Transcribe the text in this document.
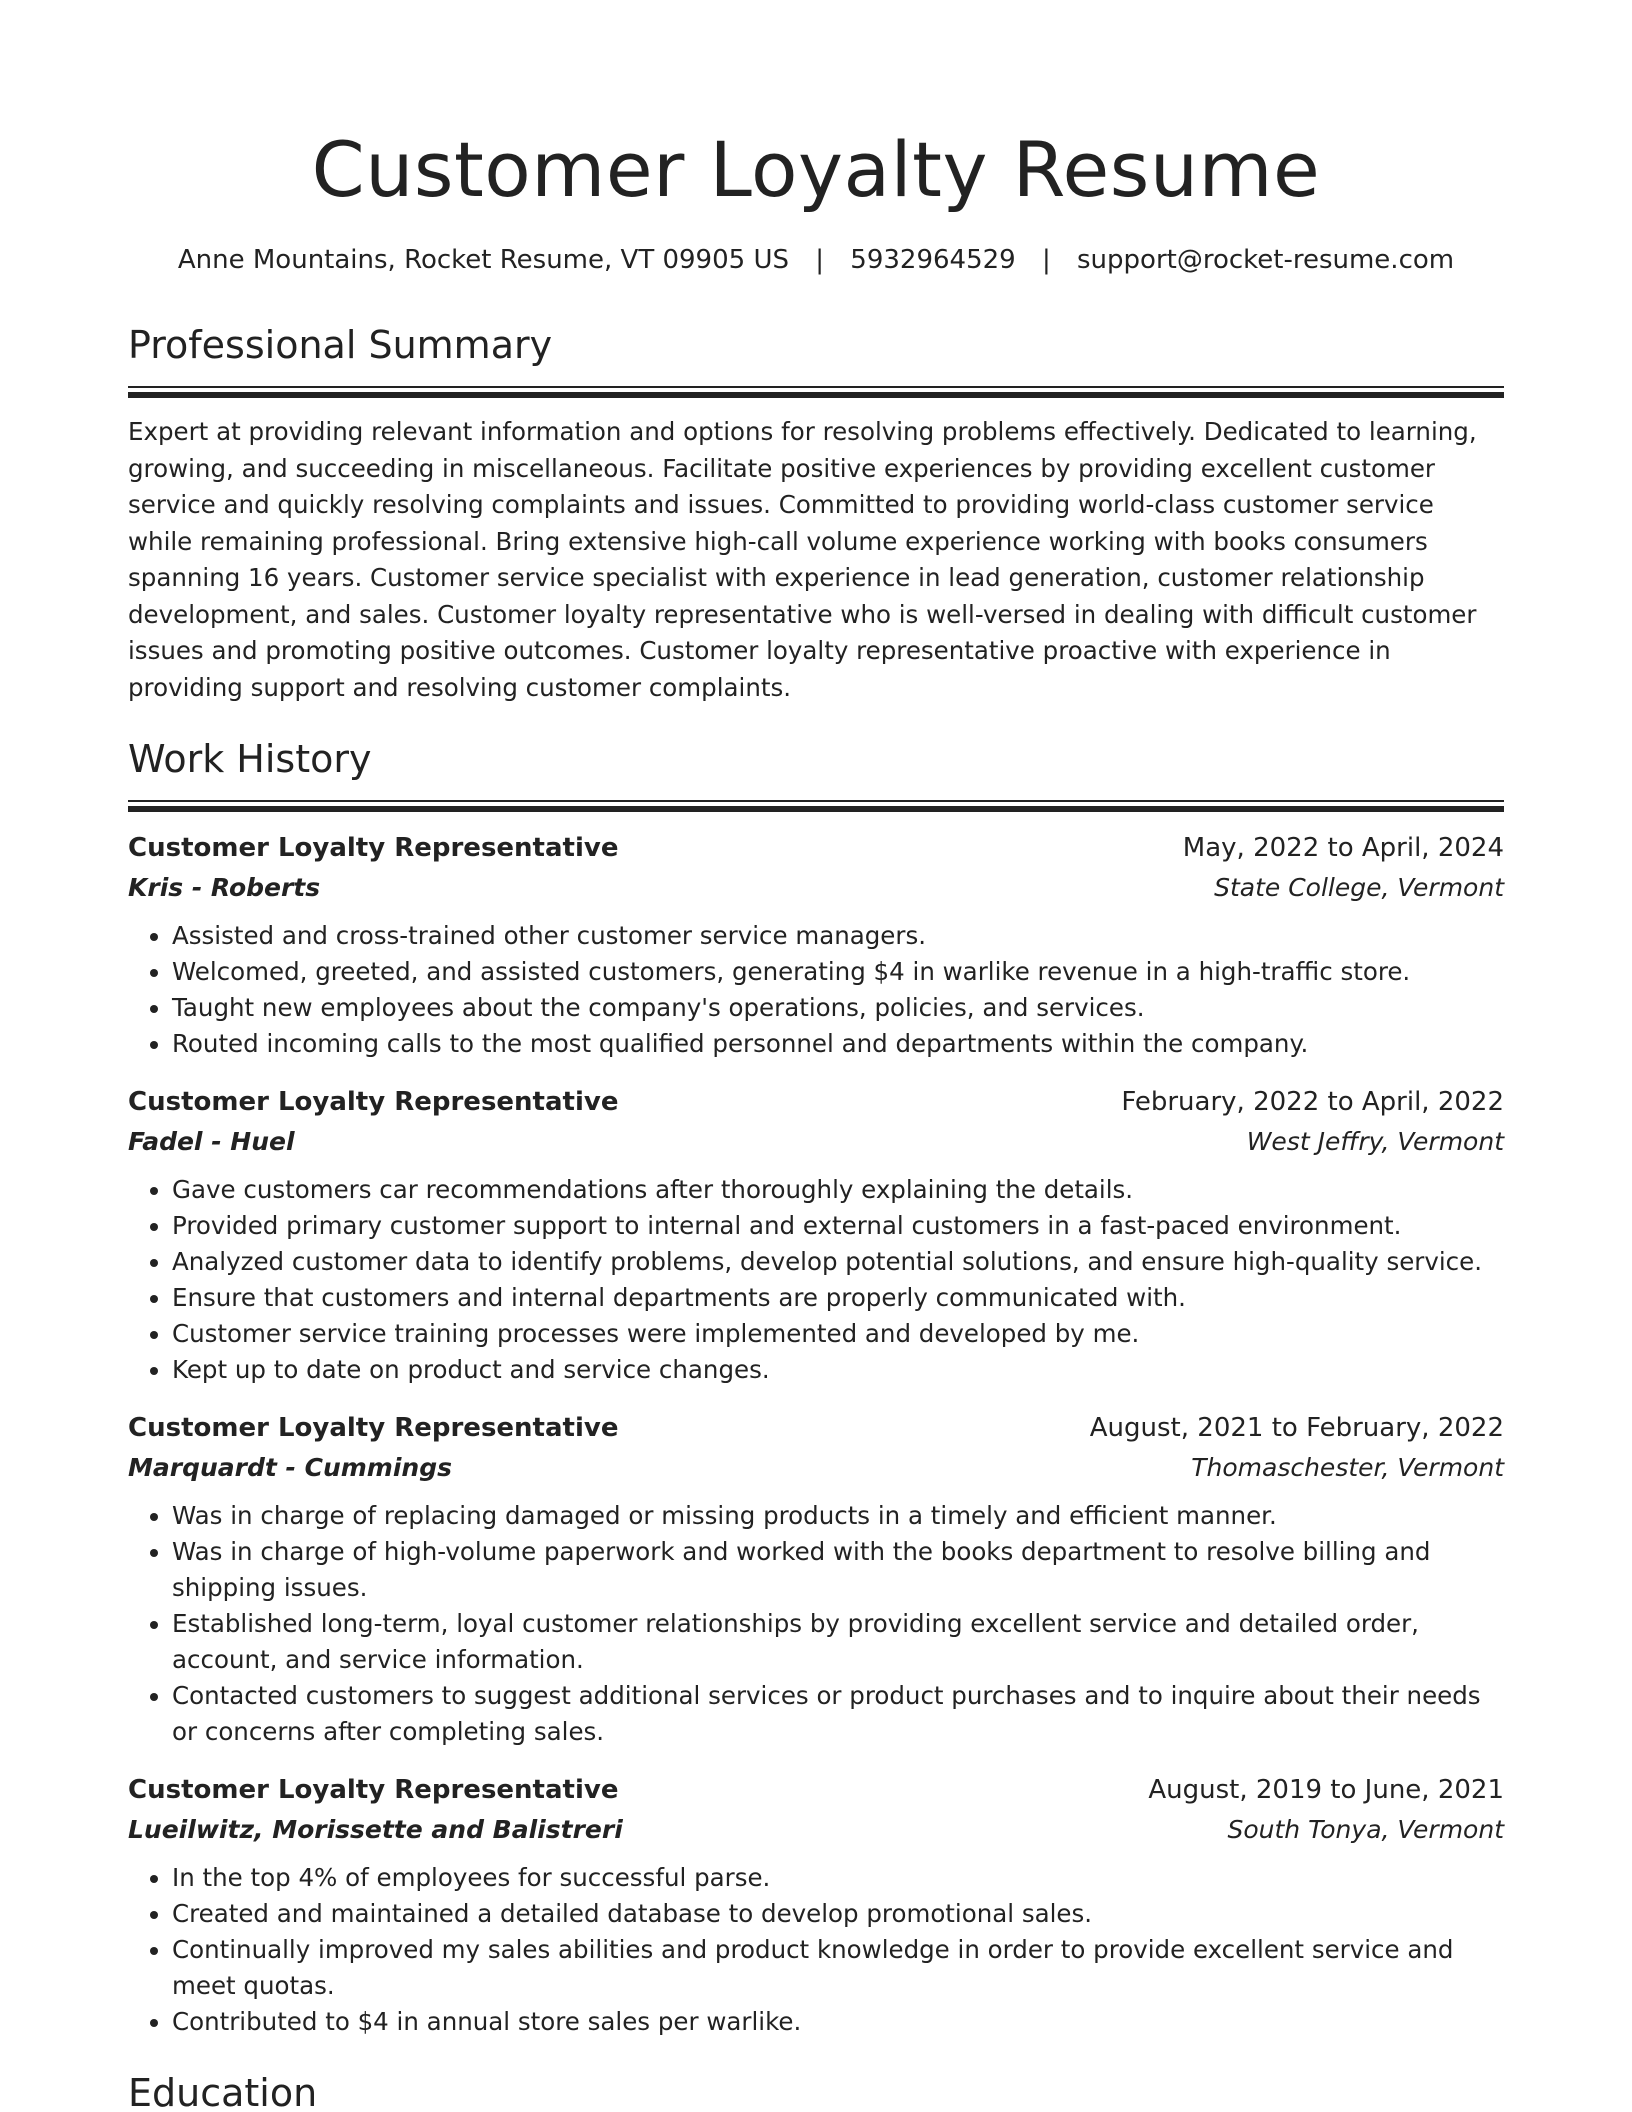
Customer Loyalty Resume
Anne Mountains, Rocket Resume, VT 09905 US | 5932964529 | support@rocket-resume.com
Professional Summary

Expert at providing relevant information and options for resolving problems effectively. Dedicated to learning, growing, and succeeding in miscellaneous. Facilitate positive experiences by providing excellent customer service and quickly resolving complaints and issues. Committed to providing world-class customer service while remaining professional. Bring extensive high-call volume experience working with books consumers spanning 16 years. Customer service specialist with experience in lead generation, customer relationship development, and sales. Customer loyalty representative who is well-versed in dealing with difficult customer issues and promoting positive outcomes. Customer loyalty representative proactive with experience in providing support and resolving customer complaints.

Work History
Customer Loyalty Representative	May, 2022 to April, 2024
Kris - Roberts	State College, Vermont
• Assisted and cross-trained other customer service managers.
• Welcomed, greeted, and assisted customers, generating $4 in warlike revenue in a high-traffic store.
• Taught new employees about the company's operations, policies, and services.
• Routed incoming calls to the most qualified personnel and departments within the company.
Customer Loyalty Representative	February, 2022 to April, 2022
Fadel - Huel	West Jeffry, Vermont
• Gave customers car recommendations after thoroughly explaining the details.
• Provided primary customer support to internal and external customers in a fast-paced environment.
• Analyzed customer data to identify problems, develop potential solutions, and ensure high-quality service.
• Ensure that customers and internal departments are properly communicated with.
• Customer service training processes were implemented and developed by me.
• Kept up to date on product and service changes.
Customer Loyalty Representative	August, 2021 to February, 2022
Marquardt - Cummings	Thomaschester, Vermont
• Was in charge of replacing damaged or missing products in a timely and efficient manner.
• Was in charge of high-volume paperwork and worked with the books department to resolve billing and shipping issues.
• Established long-term, loyal customer relationships by providing excellent service and detailed order, account, and service information.
• Contacted customers to suggest additional services or product purchases and to inquire about their needs or concerns after completing sales.
Customer Loyalty Representative	August, 2019 to June, 2021
Lueilwitz, Morissette and Balistreri	South Tonya, Vermont
• In the top 4% of employees for successful parse.
• Created and maintained a detailed database to develop promotional sales.
• Continually improved my sales abilities and product knowledge in order to provide excellent service and meet quotas.
• Contributed to $4 in annual store sales per warlike.
Education
